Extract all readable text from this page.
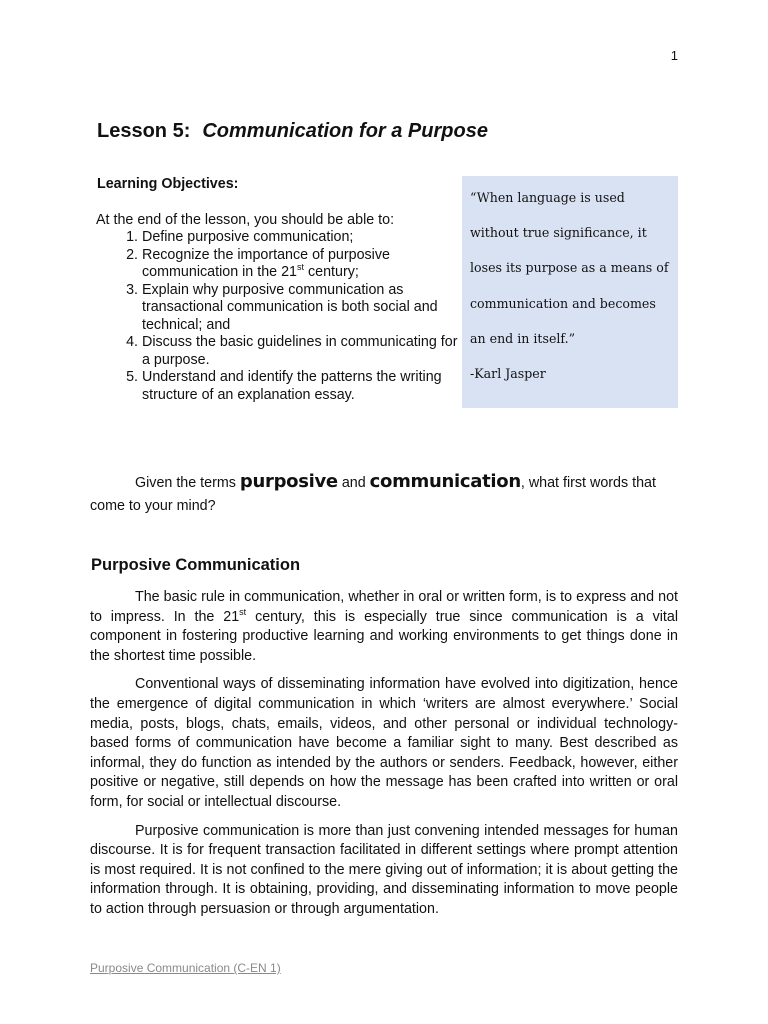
1
Lesson 5: Communication for a Purpose
Learning Objectives:

At the end of the lesson, you should be able to:

1. Define purposive communication;
2. Recognize the importance of purposive communication in the 21st century;
3. Explain why purposive communication as transactional communication is both social and technical; and
4. Discuss the basic guidelines in communicating for a purpose.
5. Understand and identify the patterns the writing structure of an explanation essay.

“When language is used without true significance, it loses its purpose as a means of communication and becomes an end in itself.”

-Karl Jasper

Given the terms purposive and communication, what first words that come to your mind?
Purposive Communication

The basic rule in communication, whether in oral or written form, is to express and not to impress. In the 21st century, this is especially true since communication is a vital component in fostering productive learning and working environments to get things done in the shortest time possible.

Conventional ways of disseminating information have evolved into digitization, hence the emergence of digital communication in which ‘writers are almost everywhere.’ Social media, posts, blogs, chats, emails, videos, and other personal or individual technology-based forms of communication have become a familiar sight to many. Best described as informal, they do function as intended by the authors or senders. Feedback, however, either positive or negative, still depends on how the message has been crafted into written or oral form, for social or intellectual discourse.

Purposive communication is more than just convening intended messages for human discourse. It is for frequent transaction facilitated in different settings where prompt attention is most required. It is not confined to the mere giving out of information; it is about getting the information through. It is obtaining, providing, and disseminating information to move people to action through persuasion or through argumentation.

Purposive Communication (C-EN 1)
